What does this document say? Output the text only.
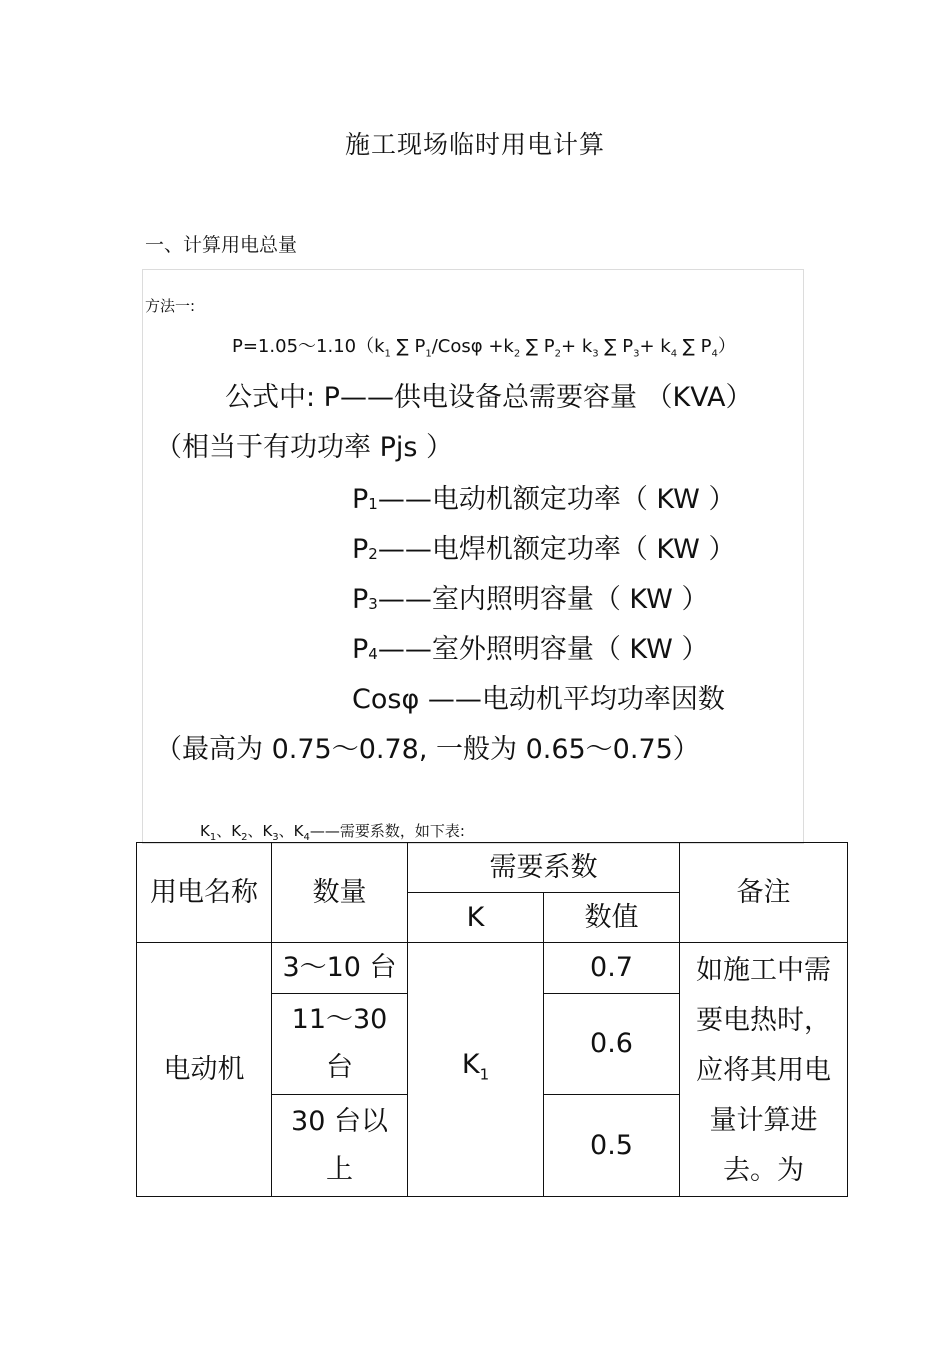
施工现场临时用电计算
一、计算用电总量
方法一:
$P=1.05\sim 1.10(k_1$ ∑ $P_1$/Cosφ $+k_2$ ∑ $P_2+ k_3$ ∑ $P_3+ k_4$ ∑ $P_4$）
公式中: P——供电设备总需要容量 （KVA）
（相当于有功功率 Pjs ）
$P_1——$电动机额定功率（ KW ）
$P_2——$电焊机额定功率（ KW ）
$P_3——$室内照明容量（ KW ）
$P_4——$室外照明容量（ KW ）
Cosφ ——电动机平均功率因数
（最高为 0.75～0.78, 一般为 0.65～0.75）
$K_1$、$K_2$、$K_3$、$K_4——$需要系数，如下表:
用电名称	数量	需要系数		备注
		K	数值	
电动机	3～10 台	$K_1$	0.7	如施工中需要电热时，应将其用电量计算进去。为
	11～30 台		0.6	
	30 台以上		0.5	
